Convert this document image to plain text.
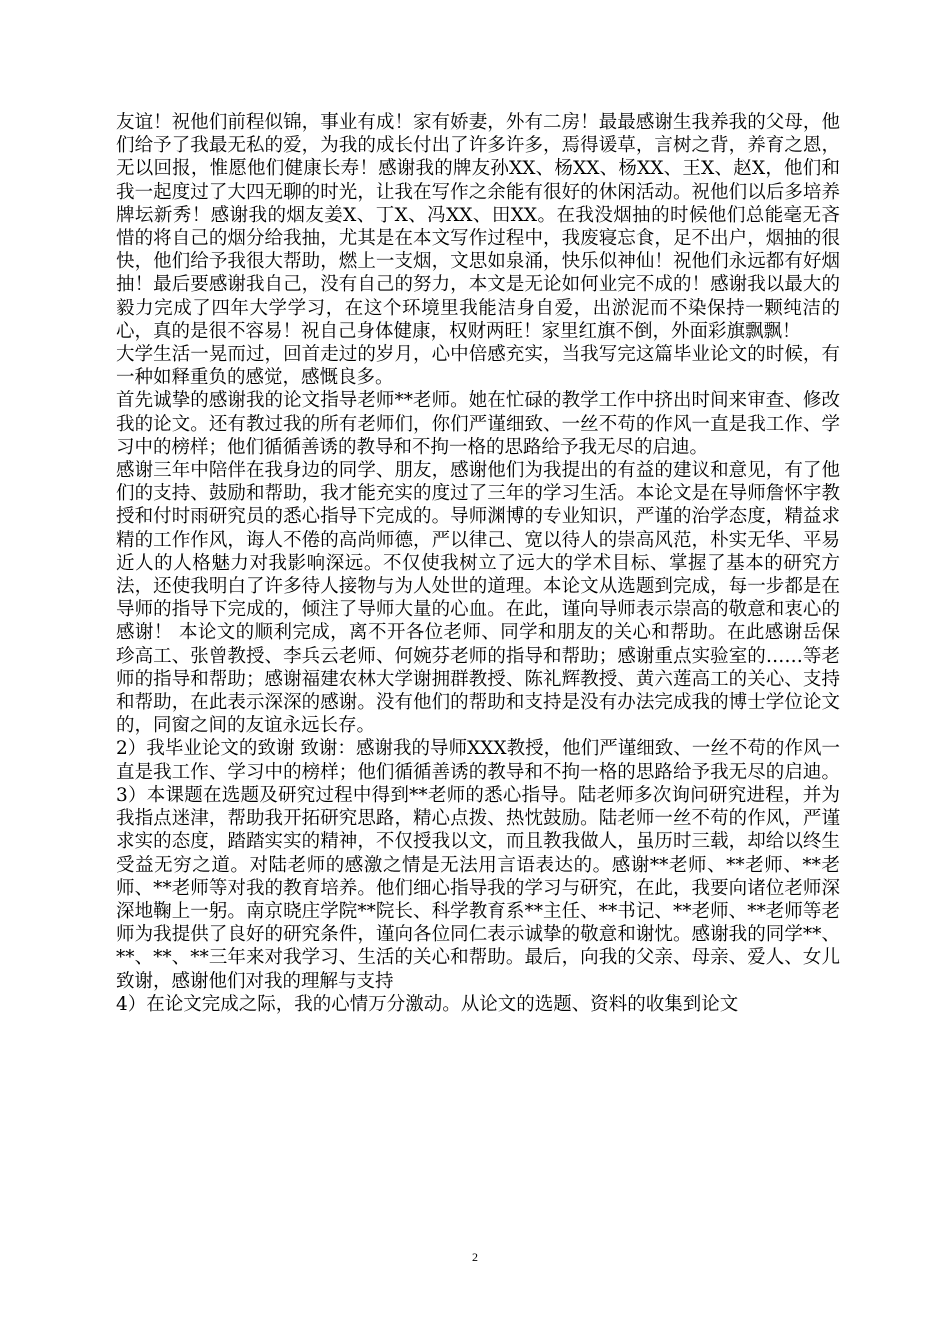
友谊！祝他们前程似锦，事业有成！家有娇妻，外有二房！最最感谢生我养我的父母，他们给予了我最无私的爱，为我的成长付出了许多许多，焉得谖草，言树之背，养育之恩，无以回报，惟愿他们健康长寿！感谢我的牌友孙XX、杨XX、杨XX、王X、赵X，他们和我一起度过了大四无聊的时光，让我在写作之余能有很好的休闲活动。祝他们以后多培养牌坛新秀！感谢我的烟友姜X、丁X、冯XX、田XX。在我没烟抽的时候他们总能毫无吝惜的将自己的烟分给我抽，尤其是在本文写作过程中，我废寝忘食，足不出户，烟抽的很快，他们给予我很大帮助，燃上一支烟，文思如泉涌，快乐似神仙！祝他们永远都有好烟抽！最后要感谢我自己，没有自己的努力，本文是无论如何业完不成的！感谢我以最大的毅力完成了四年大学学习，在这个环境里我能洁身自爱，出淤泥而不染保持一颗纯洁的心，真的是很不容易！祝自己身体健康，权财两旺！家里红旗不倒，外面彩旗飘飘！

大学生活一晃而过，回首走过的岁月，心中倍感充实，当我写完这篇毕业论文的时候，有一种如释重负的感觉，感慨良多。

首先诚挚的感谢我的论文指导老师**老师。她在忙碌的教学工作中挤出时间来审查、修改我的论文。还有教过我的所有老师们，你们严谨细致、一丝不苟的作风一直是我工作、学习中的榜样；他们循循善诱的教导和不拘一格的思路给予我无尽的启迪。

感谢三年中陪伴在我身边的同学、朋友，感谢他们为我提出的有益的建议和意见，有了他们的支持、鼓励和帮助，我才能充实的度过了三年的学习生活。本论文是在导师詹怀宇教授和付时雨研究员的悉心指导下完成的。导师渊博的专业知识，严谨的治学态度，精益求精的工作作风，诲人不倦的高尚师德，严以律己、宽以待人的崇高风范，朴实无华、平易近人的人格魅力对我影响深远。不仅使我树立了远大的学术目标、掌握了基本的研究方法，还使我明白了许多待人接物与为人处世的道理。本论文从选题到完成，每一步都是在导师的指导下完成的，倾注了导师大量的心血。在此，谨向导师表示崇高的敬意和衷心的感谢！ 本论文的顺利完成，离不开各位老师、同学和朋友的关心和帮助。在此感谢岳保珍高工、张曾教授、李兵云老师、何婉芬老师的指导和帮助；感谢重点实验室的……等老师的指导和帮助；感谢福建农林大学谢拥群教授、陈礼辉教授、黄六莲高工的关心、支持和帮助，在此表示深深的感谢。没有他们的帮助和支持是没有办法完成我的博士学位论文的，同窗之间的友谊永远长存。

2）我毕业论文的致谢 致谢：感谢我的导师XXX教授，他们严谨细致、一丝不苟的作风一直是我工作、学习中的榜样；他们循循善诱的教导和不拘一格的思路给予我无尽的启迪。3）本课题在选题及研究过程中得到**老师的悉心指导。陆老师多次询问研究进程，并为我指点迷津，帮助我开拓研究思路，精心点拨、热忱鼓励。陆老师一丝不苟的作风，严谨求实的态度，踏踏实实的精神，不仅授我以文，而且教我做人，虽历时三载，却给以终生受益无穷之道。对陆老师的感激之情是无法用言语表达的。感谢**老师、**老师、**老师、**老师等对我的教育培养。他们细心指导我的学习与研究，在此，我要向诸位老师深深地鞠上一躬。南京晓庄学院**院长、科学教育系**主任、**书记、**老师、**老师等老师为我提供了良好的研究条件，谨向各位同仁表示诚挚的敬意和谢忱。感谢我的同学**、**、**、**三年来对我学习、生活的关心和帮助。最后，向我的父亲、母亲、爱人、女儿致谢，感谢他们对我的理解与支持

4）在论文完成之际，我的心情万分激动。从论文的选题、资料的收集到论文

2
